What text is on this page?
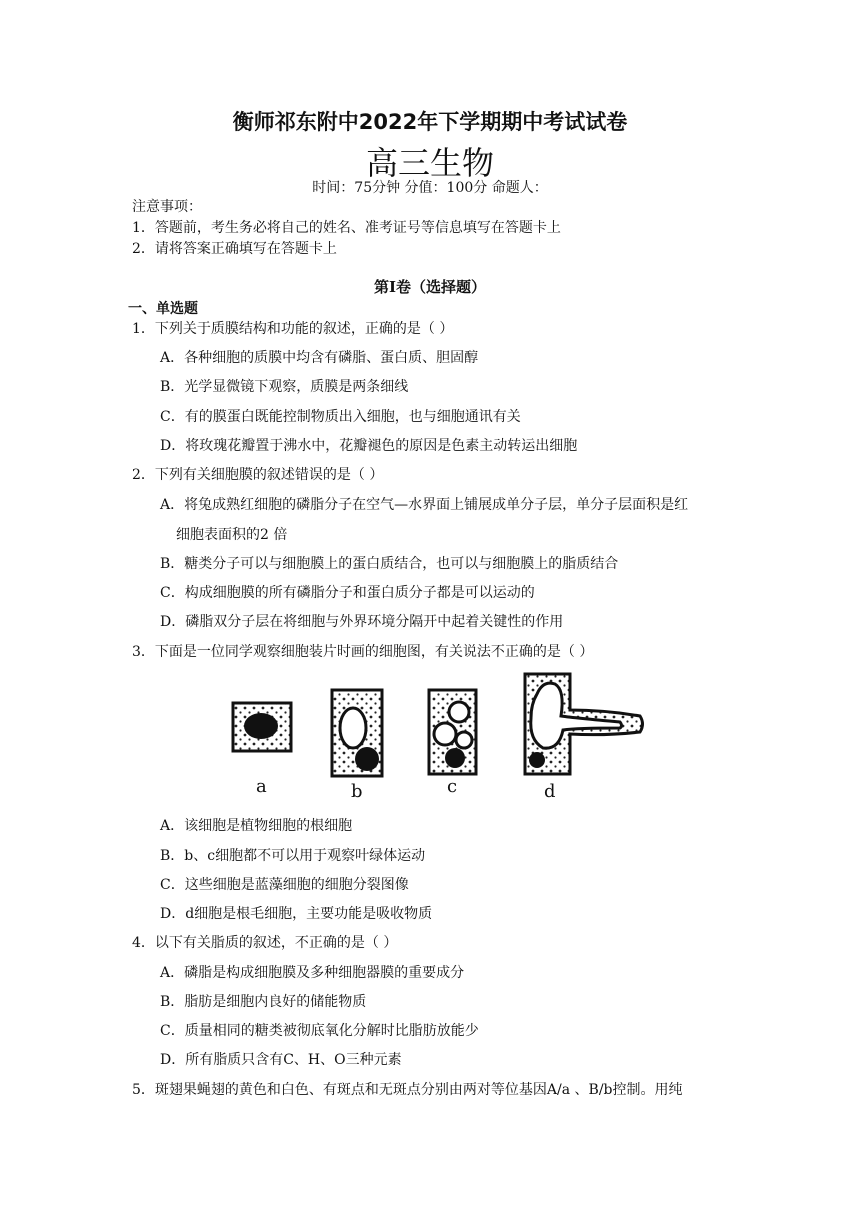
衡师祁东附中2022年下学期期中考试试卷
高三生物
时间：75分钟 分值：100分 命题人：
注意事项：
1．答题前，考生务必将自己的姓名、准考证号等信息填写在答题卡上
2．请将答案正确填写在答题卡上
第Ⅰ卷（选择题）
一、单选题
1．下列关于质膜结构和功能的叙述，正确的是（ ）
A．各种细胞的质膜中均含有磷脂、蛋白质、胆固醇
B．光学显微镜下观察，质膜是两条细线
C．有的膜蛋白既能控制物质出入细胞，也与细胞通讯有关
D．将玫瑰花瓣置于沸水中，花瓣褪色的原因是色素主动转运出细胞
2．下列有关细胞膜的叙述错误的是（ ）
A．将兔成熟红细胞的磷脂分子在空气—水界面上铺展成单分子层，单分子层面积是红
细胞表面积的2 倍
B．糖类分子可以与细胞膜上的蛋白质结合，也可以与细胞膜上的脂质结合
C．构成细胞膜的所有磷脂分子和蛋白质分子都是可以运动的
D．磷脂双分子层在将细胞与外界环境分隔开中起着关键性的作用
3．下面是一位同学观察细胞装片时画的细胞图，有关说法不正确的是（ ）
a	b	c	d
A．该细胞是植物细胞的根细胞
B．b、c细胞都不可以用于观察叶绿体运动
C．这些细胞是蓝藻细胞的细胞分裂图像
D．d细胞是根毛细胞，主要功能是吸收物质
4．以下有关脂质的叙述，不正确的是（ ）
A．磷脂是构成细胞膜及多种细胞器膜的重要成分
B．脂肪是细胞内良好的储能物质
C．质量相同的糖类被彻底氧化分解时比脂肪放能少
D．所有脂质只含有C、H、O三种元素
5．斑翅果蝇翅的黄色和白色、有斑点和无斑点分别由两对等位基因A/a 、B/b控制。用纯
